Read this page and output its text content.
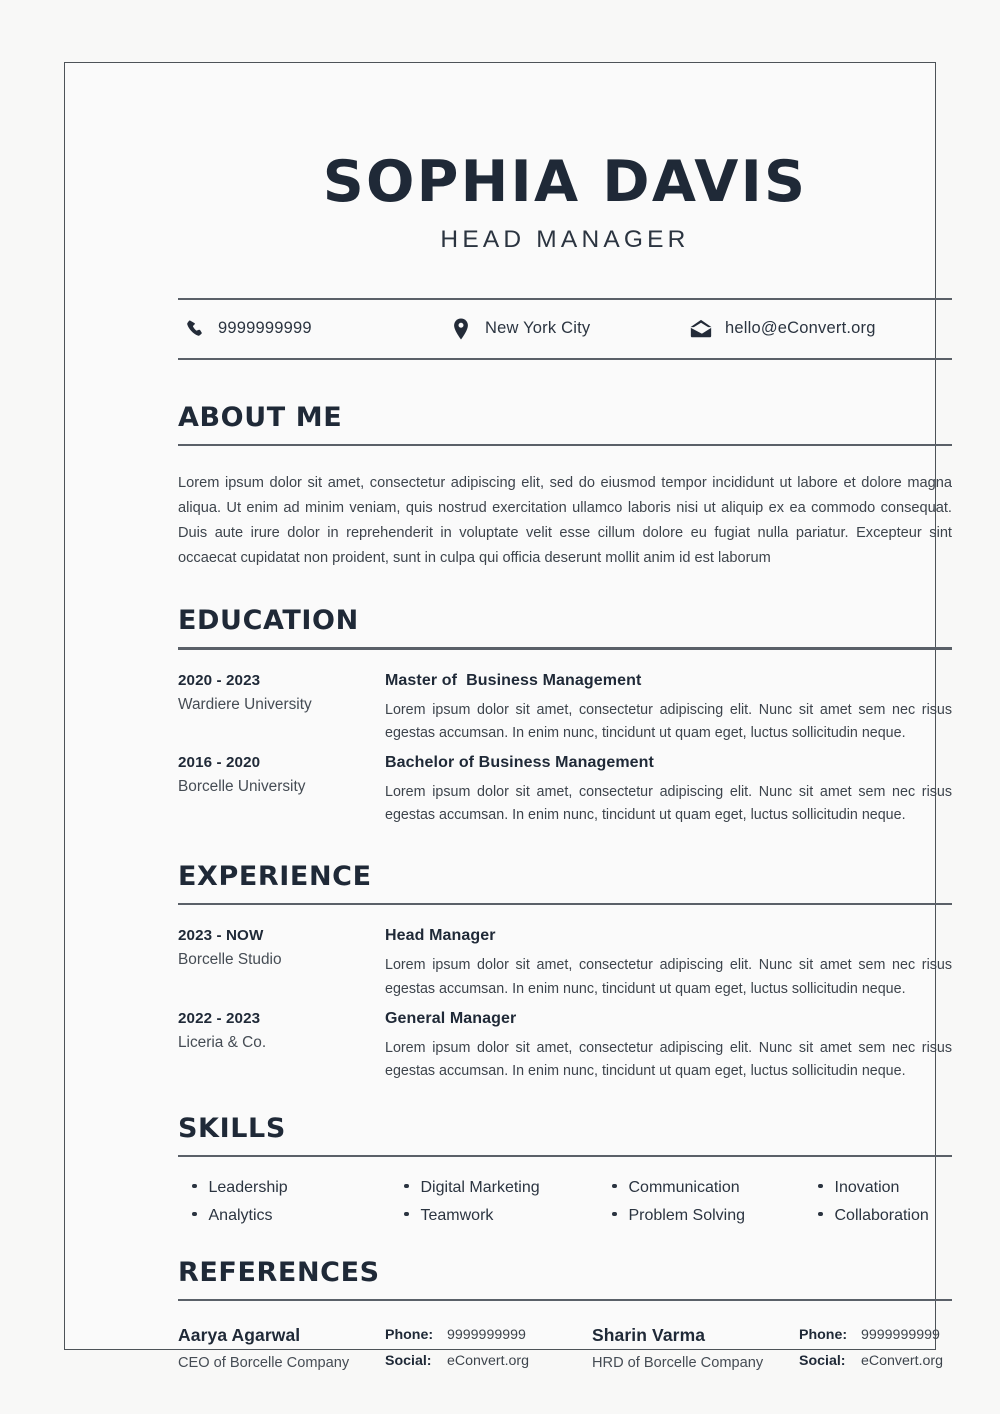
SOPHIA DAVIS
HEAD MANAGER
9999999999	New York City	hello@eConvert.org
ABOUT ME

Lorem ipsum dolor sit amet, consectetur adipiscing elit, sed do eiusmod tempor incididunt ut labore et dolore magna aliqua. Ut enim ad minim veniam, quis nostrud exercitation ullamco laboris nisi ut aliquip ex ea commodo consequat. Duis aute irure dolor in reprehenderit in voluptate velit esse cillum dolore eu fugiat nulla pariatur. Excepteur sint occaecat cupidatat non proident, sunt in culpa qui officia deserunt mollit anim id est laborum

EDUCATION
2020 - 2023
Wardiere University
Master of  Business Management
Lorem ipsum dolor sit amet, consectetur adipiscing elit. Nunc sit amet sem nec risus egestas accumsan. In enim nunc, tincidunt ut quam eget, luctus sollicitudin neque.
2016 - 2020
Borcelle University
Bachelor of Business Management
Lorem ipsum dolor sit amet, consectetur adipiscing elit. Nunc sit amet sem nec risus egestas accumsan. In enim nunc, tincidunt ut quam eget, luctus sollicitudin neque.
EXPERIENCE
2023 - NOW
Borcelle Studio
Head Manager
Lorem ipsum dolor sit amet, consectetur adipiscing elit. Nunc sit amet sem nec risus egestas accumsan. In enim nunc, tincidunt ut quam eget, luctus sollicitudin neque.
2022 - 2023
Liceria & Co.
General Manager
Lorem ipsum dolor sit amet, consectetur adipiscing elit. Nunc sit amet sem nec risus egestas accumsan. In enim nunc, tincidunt ut quam eget, luctus sollicitudin neque.
SKILLS
Leadership	Digital Marketing	Communication	Inovation
Analytics	Teamwork	Problem Solving	Collaboration
REFERENCES
Aarya Agarwal
CEO of Borcelle Company
Phone: 9999999999
Social:	eConvert.org
Sharin Varma
HRD of Borcelle Company
Phone: 9999999999
Social:	eConvert.org
